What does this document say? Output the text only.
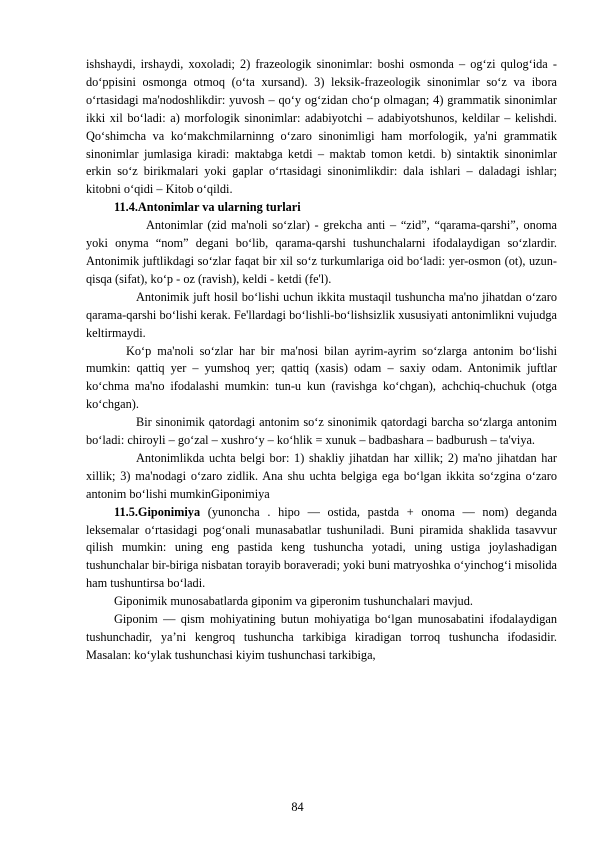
ishshaydi, irshaydi, xoxoladi; 2) frazeologik sinonimlar: boshi osmonda – og‘zi qulog‘ida - do‘ppisini osmonga otmoq (o‘ta xursand). 3) leksik-frazeologik sinonimlar so‘z va ibora o‘rtasidagi ma'nodoshlikdir: yuvosh – qo‘y og‘zidan cho‘p olmagan; 4) grammatik sinonimlar ikki xil bo‘ladi: a) morfologik sinonimlar: adabiyotchi – adabiyotshunos, keldilar – kelishdi. Qo‘shimcha va ko‘makchmilarninng o‘zaro sinonimligi ham morfologik, ya'ni grammatik sinonimlar jumlasiga kiradi: maktabga ketdi – maktab tomon ketdi. b) sintaktik sinonimlar erkin so‘z birikmalari yoki gaplar o‘rtasidagi sinonimlikdir: dala ishlari – daladagi ishlar; kitobni o‘qidi – Kitob o‘qildi.

11.4.Antonimlar va ularning turlari

Antonimlar (zid ma'noli so‘zlar) - grekcha anti – “zid”, “qarama-qarshi”, onoma yoki onyma “nom” degani bo‘lib, qarama-qarshi tushunchalarni ifodalaydigan so‘zlardir. Antonimik juftlikdagi so‘zlar faqat bir xil so‘z turkumlariga oid bo‘ladi: yer-osmon (ot), uzun-qisqa (sifat), ko‘p - oz (ravish), keldi - ketdi (fe'l).

Antonimik juft hosil bo‘lishi uchun ikkita mustaqil tushuncha ma'no jihatdan o‘zaro qarama-qarshi bo‘lishi kerak. Fe'llardagi bo‘lishli-bo‘lishsizlik xususiyati antonimlikni vujudga keltirmaydi.

Ko‘p ma'noli so‘zlar har bir ma'nosi bilan ayrim-ayrim so‘zlarga antonim bo‘lishi mumkin: qattiq yer – yumshoq yer; qattiq (xasis) odam – saxiy odam. Antonimik juftlar ko‘chma ma'no ifodalashi mumkin: tun-u kun (ravishga ko‘chgan), achchiq-chuchuk (otga ko‘chgan).

Bir sinonimik qatordagi antonim so‘z sinonimik qatordagi barcha so‘zlarga antonim bo‘ladi: chiroyli – go‘zal – xushro‘y – ko‘hlik = xunuk – badbashara – badburush – ta'viya.

Antonimlikda uchta belgi bor: 1) shakliy jihatdan har xillik; 2) ma'no jihatdan har xillik; 3) ma'nodagi o‘zaro zidlik. Ana shu uchta belgiga ega bo‘lgan ikkita so‘zgina o‘zaro antonim bo‘lishi mumkinGiponimiya

11.5.Giponimiya (yunoncha . hipo — ostida, pastda + onoma — nom) deganda leksemalar o‘rtasidagi pog‘onali munasabatlar tushuniladi. Buni piramida shaklida tasavvur qilish mumkin: uning eng pastida keng tushuncha yotadi, uning ustiga joylashadigan tushunchalar bir-biriga nisbatan torayib boraveradi; yoki buni matryoshka o‘yinchog‘i misolida ham tushuntirsa bo‘ladi.

Giponimik munosabatlarda giponim va giperonim tushunchalari mavjud.

Giponim — qism mohiyatining butun mohiyatiga bo‘lgan munosabatini ifodalaydigan tushunchadir, ya’ni kengroq tushuncha tarkibiga kiradigan torroq tushuncha ifodasidir. Masalan: ko‘ylak tushunchasi kiyim tushunchasi tarkibiga,

84
